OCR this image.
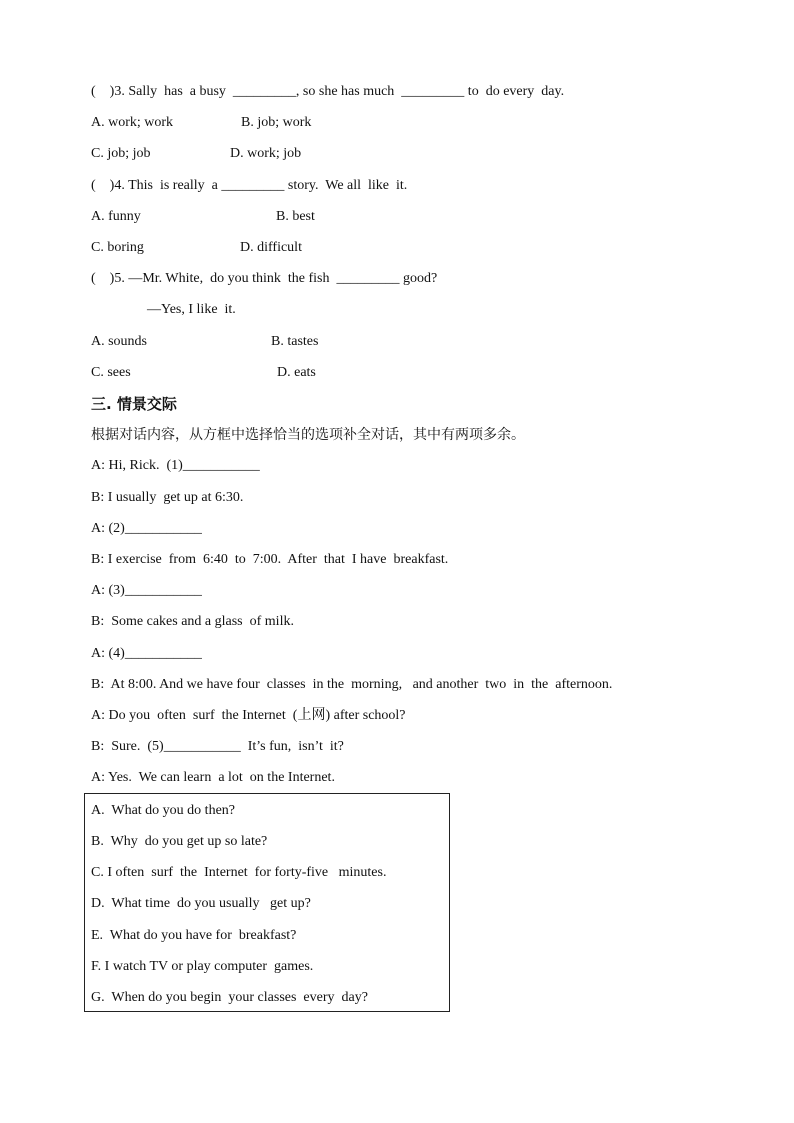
(    )3. Sally  has  a busy  _________, so she has much  _________ to  do every  day.
A. work; work	B. job; work
C. job; job	D. work; job
(    )4. This  is really  a _________ story.  We all  like  it.
A. funny	B. best
C. boring	D. difficult
(    )5. —Mr. White,  do you think  the fish  _________ good?
—Yes, I like  it.
A. sounds	B. tastes
C. sees	D. eats
三. 情景交际
根据对话内容，从方框中选择恰当的选项补全对话，其中有两项多余。
A: Hi, Rick.  (1)___________
B: I usually  get up at 6:30.
A: (2)___________
B: I exercise  from  6:40  to  7:00.  After  that  I have  breakfast.
A: (3)___________
B:  Some cakes and a glass  of milk.
A: (4)___________
B:  At 8:00. And we have four  classes  in the  morning,   and another  two  in  the  afternoon.
A: Do you  often  surf  the Internet  (上网) after school?
B:  Sure.  (5)___________  It’s fun,  isn’t  it?
A: Yes.  We can learn  a lot  on the Internet.
A.  What do you do then?
B.  Why  do you get up so late?
C. I often  surf  the  Internet  for forty-five   minutes.
D.  What time  do you usually   get up?
E.  What do you have for  breakfast?
F. I watch TV or play computer  games.
G.  When do you begin  your classes  every  day?
